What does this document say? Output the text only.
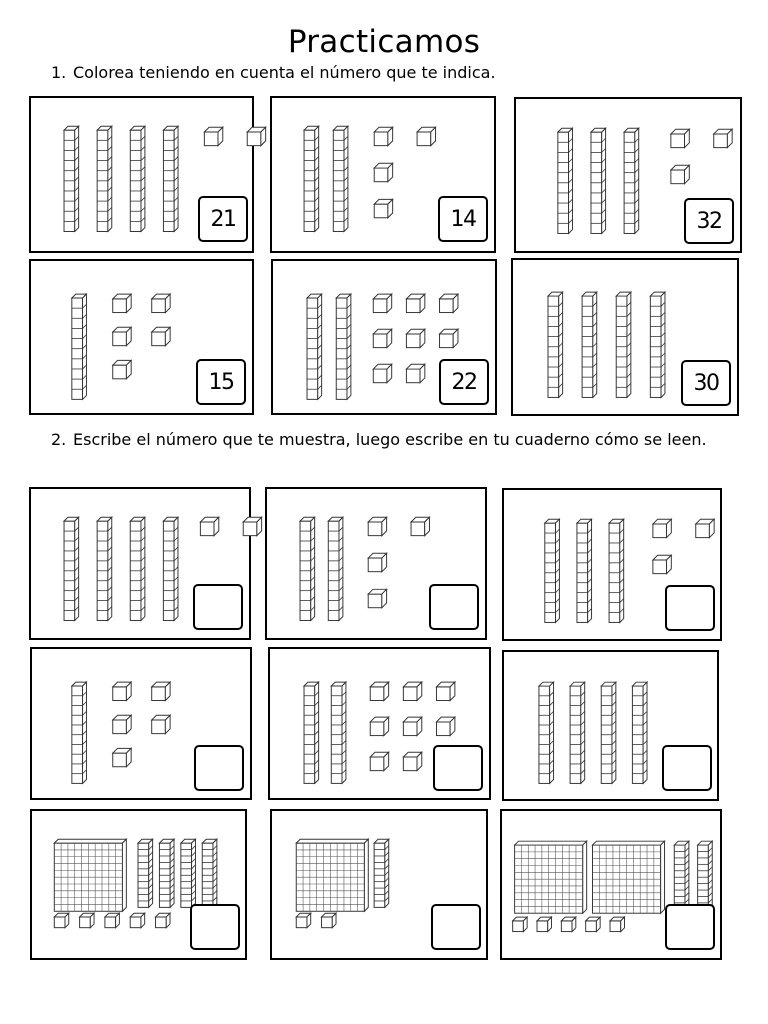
Practicamos
1. Colorea teniendo en cuenta el número que te indica.
2. Escribe el número que te muestra, luego escribe en tu cuaderno cómo se leen.
21	14	32
15	22	30
